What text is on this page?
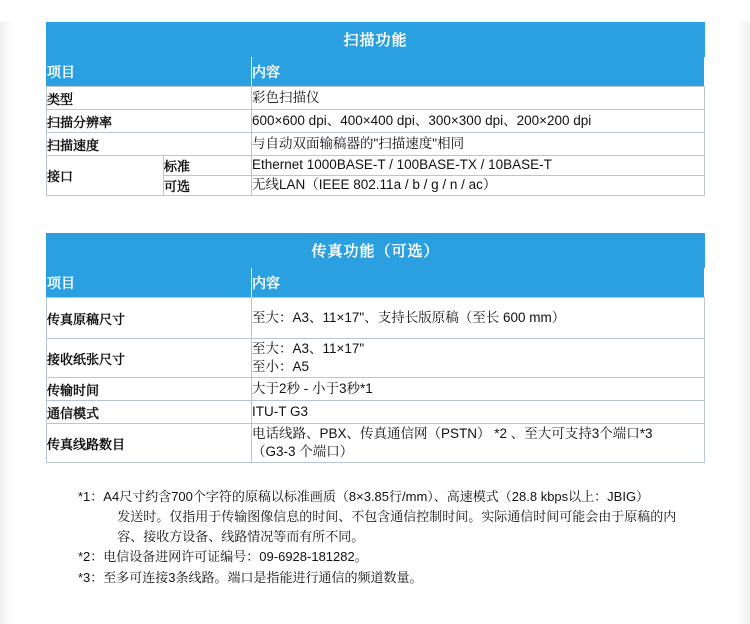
扫描功能		
项目		内容
类型		彩色扫描仪
扫描分辨率		600×600 dpi、400×400 dpi、300×300 dpi、200×200 dpi
扫描速度		与自动双面输稿器的"扫描速度"相同
接口	标准	Ethernet 1000BASE-T / 100BASE-TX / 10BASE-T
	可选	无线LAN（IEEE 802.11a / b / g / n / ac）
传真功能（可选）	
项目	内容
传真原稿尺寸	至大：A3、11×17"、支持长版原稿（至长 600 mm）
接收纸张尺寸	至大：A3、11×17"
至小：A5

传输时间	大于2秒 - 小于3秒*1
通信模式	ITU-T G3
传真线路数目	电话线路、PBX、传真通信网（PSTN） *2 、至大可支持3个端口*3
（G3-3 个端口）
*1： A4尺寸约含700个字符的原稿以标准画质（8×3.85行/mm）、高速模式（28.8 kbps以上：JBIG）
发送时。仅指用于传输图像信息的时间、不包含通信控制时间。实际通信时间可能会由于原稿的内
容、接收方设备、线路情况等而有所不同。
*2： 电信设备进网许可证编号：09-6928-181282。
*3： 至多可连接3条线路。端口是指能进行通信的频道数量。
